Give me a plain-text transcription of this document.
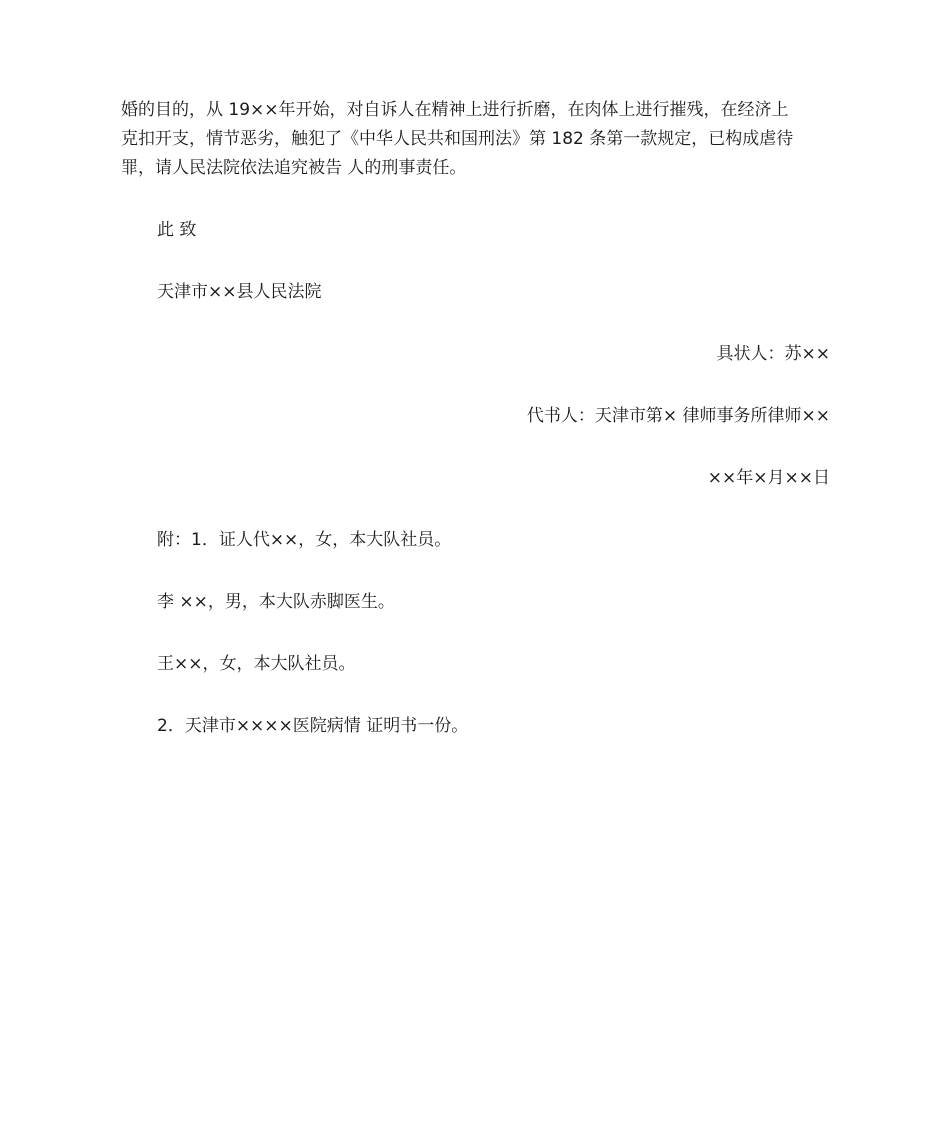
婚的目的，从 19××年开始，对自诉人在精神上进行折磨，在肉体上进行摧残，在经济上
克扣开支，情节恶劣，触犯了《中华人民共和国刑法》第 182 条第一款规定，已构成虐待
罪，请人民法院依法追究被告 人的刑事责任。

此 致

天津市××县人民法院

具状人：苏××

代书人：天津市第× 律师事务所律师××

××年×月××日

附：1．证人代××，女，本大队社员。

李 ××，男，本大队赤脚医生。

王××，女，本大队社员。

2．天津市××××医院病情 证明书一份。
